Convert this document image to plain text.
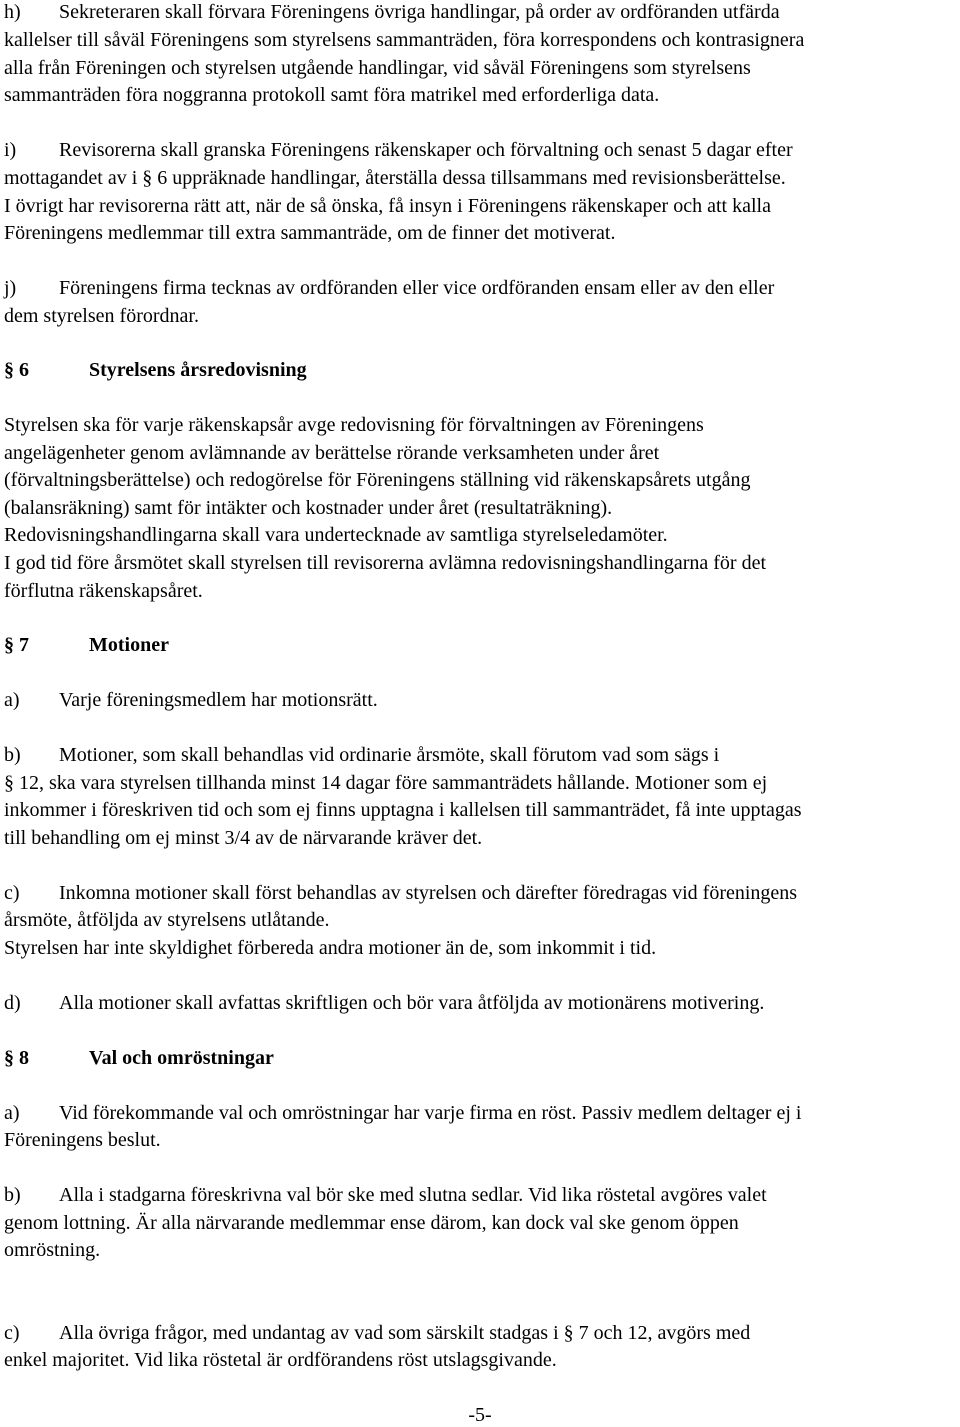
h) Sekreteraren skall förvara Föreningens övriga handlingar, på order av ordföranden utfärda
kallelser till såväl Föreningens som styrelsens sammanträden, föra korrespondens och kontrasignera
alla från Föreningen och styrelsen utgående handlingar, vid såväl Föreningens som styrelsens
sammanträden föra noggranna protokoll samt föra matrikel med erforderliga data.
i) Revisorerna skall granska Föreningens räkenskaper och förvaltning och senast 5 dagar efter
mottagandet av i § 6 uppräknade handlingar, återställa dessa tillsammans med revisionsberättelse.
I övrigt har revisorerna rätt att, när de så önska, få insyn i Föreningens räkenskaper och att kalla
Föreningens medlemmar till extra sammanträde, om de finner det motiverat.
j) Föreningens firma tecknas av ordföranden eller vice ordföranden ensam eller av den eller
dem styrelsen förordnar.
§ 6	Styrelsens årsredovisning
Styrelsen ska för varje räkenskapsår avge redovisning för förvaltningen av Föreningens
angelägenheter genom avlämnande av berättelse rörande verksamheten under året
(förvaltningsberättelse) och redogörelse för Föreningens ställning vid räkenskapsårets utgång
(balansräkning) samt för intäkter och kostnader under året (resultaträkning).
Redovisningshandlingarna skall vara undertecknade av samtliga styrelseledamöter.
I god tid före årsmötet skall styrelsen till revisorerna avlämna redovisningshandlingarna för det
förflutna räkenskapsåret.
§ 7	Motioner
a) Varje föreningsmedlem har motionsrätt.
b) Motioner, som skall behandlas vid ordinarie årsmöte, skall förutom vad som sägs i
§ 12, ska vara styrelsen tillhanda minst 14 dagar före sammanträdets hållande. Motioner som ej
inkommer i föreskriven tid och som ej finns upptagna i kallelsen till sammanträdet, få inte upptagas
till behandling om ej minst 3/4 av de närvarande kräver det.
c) Inkomna motioner skall först behandlas av styrelsen och därefter föredragas vid föreningens
årsmöte, åtföljda av styrelsens utlåtande.
Styrelsen har inte skyldighet förbereda andra motioner än de, som inkommit i tid.
d) Alla motioner skall avfattas skriftligen och bör vara åtföljda av motionärens motivering.
§ 8	Val och omröstningar
a) Vid förekommande val och omröstningar har varje firma en röst. Passiv medlem deltager ej i
Föreningens beslut.
b) Alla i stadgarna föreskrivna val bör ske med slutna sedlar. Vid lika röstetal avgöres valet
genom lottning. Är alla närvarande medlemmar ense därom, kan dock val ske genom öppen
omröstning.
c) Alla övriga frågor, med undantag av vad som särskilt stadgas i § 7 och 12, avgörs med
enkel majoritet. Vid lika röstetal är ordförandens röst utslagsgivande.
-5-
